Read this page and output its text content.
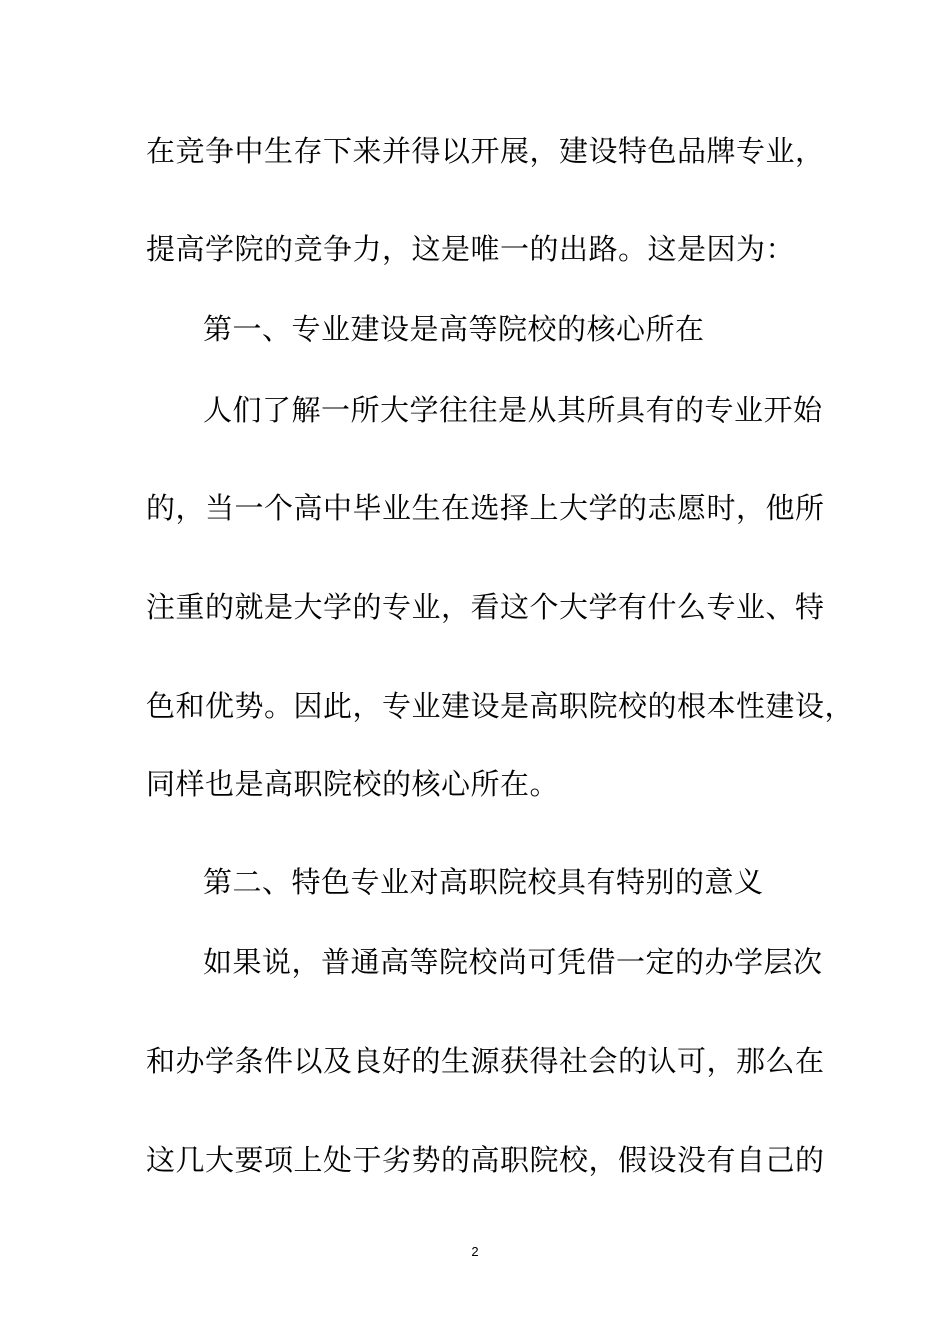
在竞争中生存下来并得以开展，建设特色品牌专业，

提高学院的竞争力，这是唯一的出路。这是因为：

第一、专业建设是高等院校的核心所在

人们了解一所大学往往是从其所具有的专业开始

的，当一个高中毕业生在选择上大学的志愿时，他所

注重的就是大学的专业，看这个大学有什么专业、特

色和优势。因此，专业建设是高职院校的根本性建设，

同样也是高职院校的核心所在。

第二、特色专业对高职院校具有特别的意义

如果说，普通高等院校尚可凭借一定的办学层次

和办学条件以及良好的生源获得社会的认可，那么在

这几大要项上处于劣势的高职院校，假设没有自己的

2
